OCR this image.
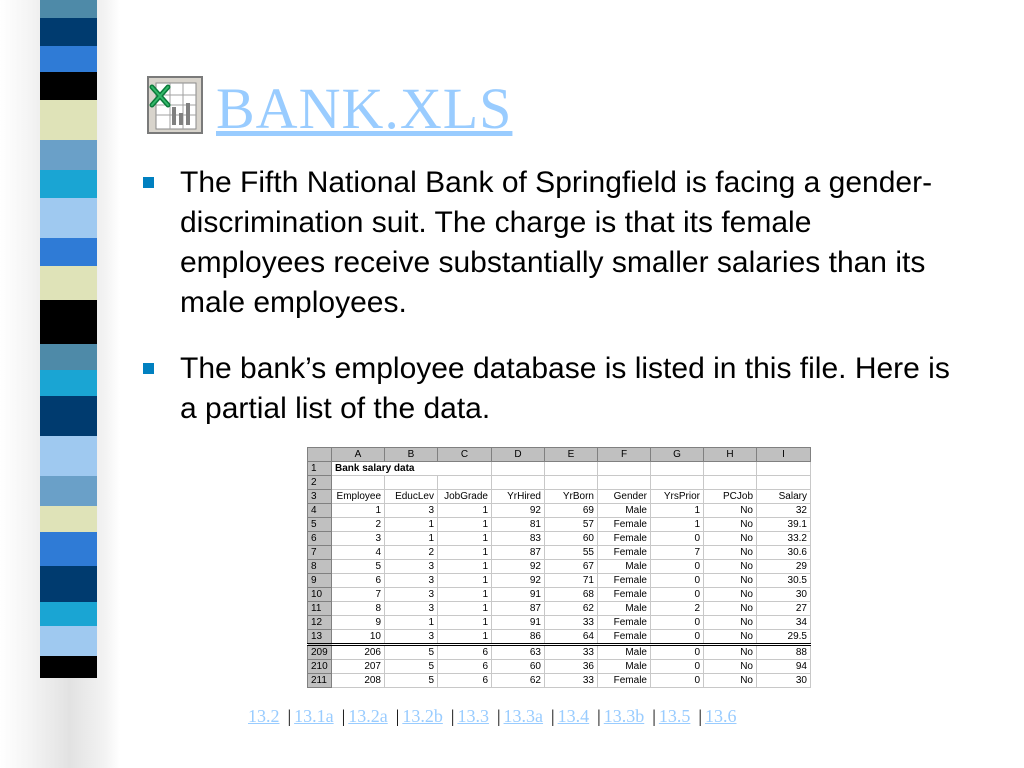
BANK.XLS
The Fifth National Bank of Springfield is facing a gender-discrimination suit. The charge is that its female employees receive substantially smaller salaries than its male employees.
The bank’s employee database is listed in this file. Here is a partial list of the data.
	A	B	C	D	E	F	G	H	I
1	Bank salary data								
2									
3	Employee	EducLev	JobGrade	YrHired	YrBorn	Gender	YrsPrior	PCJob	Salary
4	1	3	1	92	69	Male	1	No	32
5	2	1	1	81	57	Female	1	No	39.1
6	3	1	1	83	60	Female	0	No	33.2
7	4	2	1	87	55	Female	7	No	30.6
8	5	3	1	92	67	Male	0	No	29
9	6	3	1	92	71	Female	0	No	30.5
10	7	3	1	91	68	Female	0	No	30
11	8	3	1	87	62	Male	2	No	27
12	9	1	1	91	33	Female	0	No	34
13	10	3	1	86	64	Female	0	No	29.5
209	206	5	6	63	33	Male	0	No	88
210	207	5	6	60	36	Male	0	No	94
211	208	5	6	62	33	Female	0	No	30
13.2 | 13.1a | 13.2a | 13.2b | 13.3 | 13.3a | 13.4 | 13.3b | 13.5 | 13.6
